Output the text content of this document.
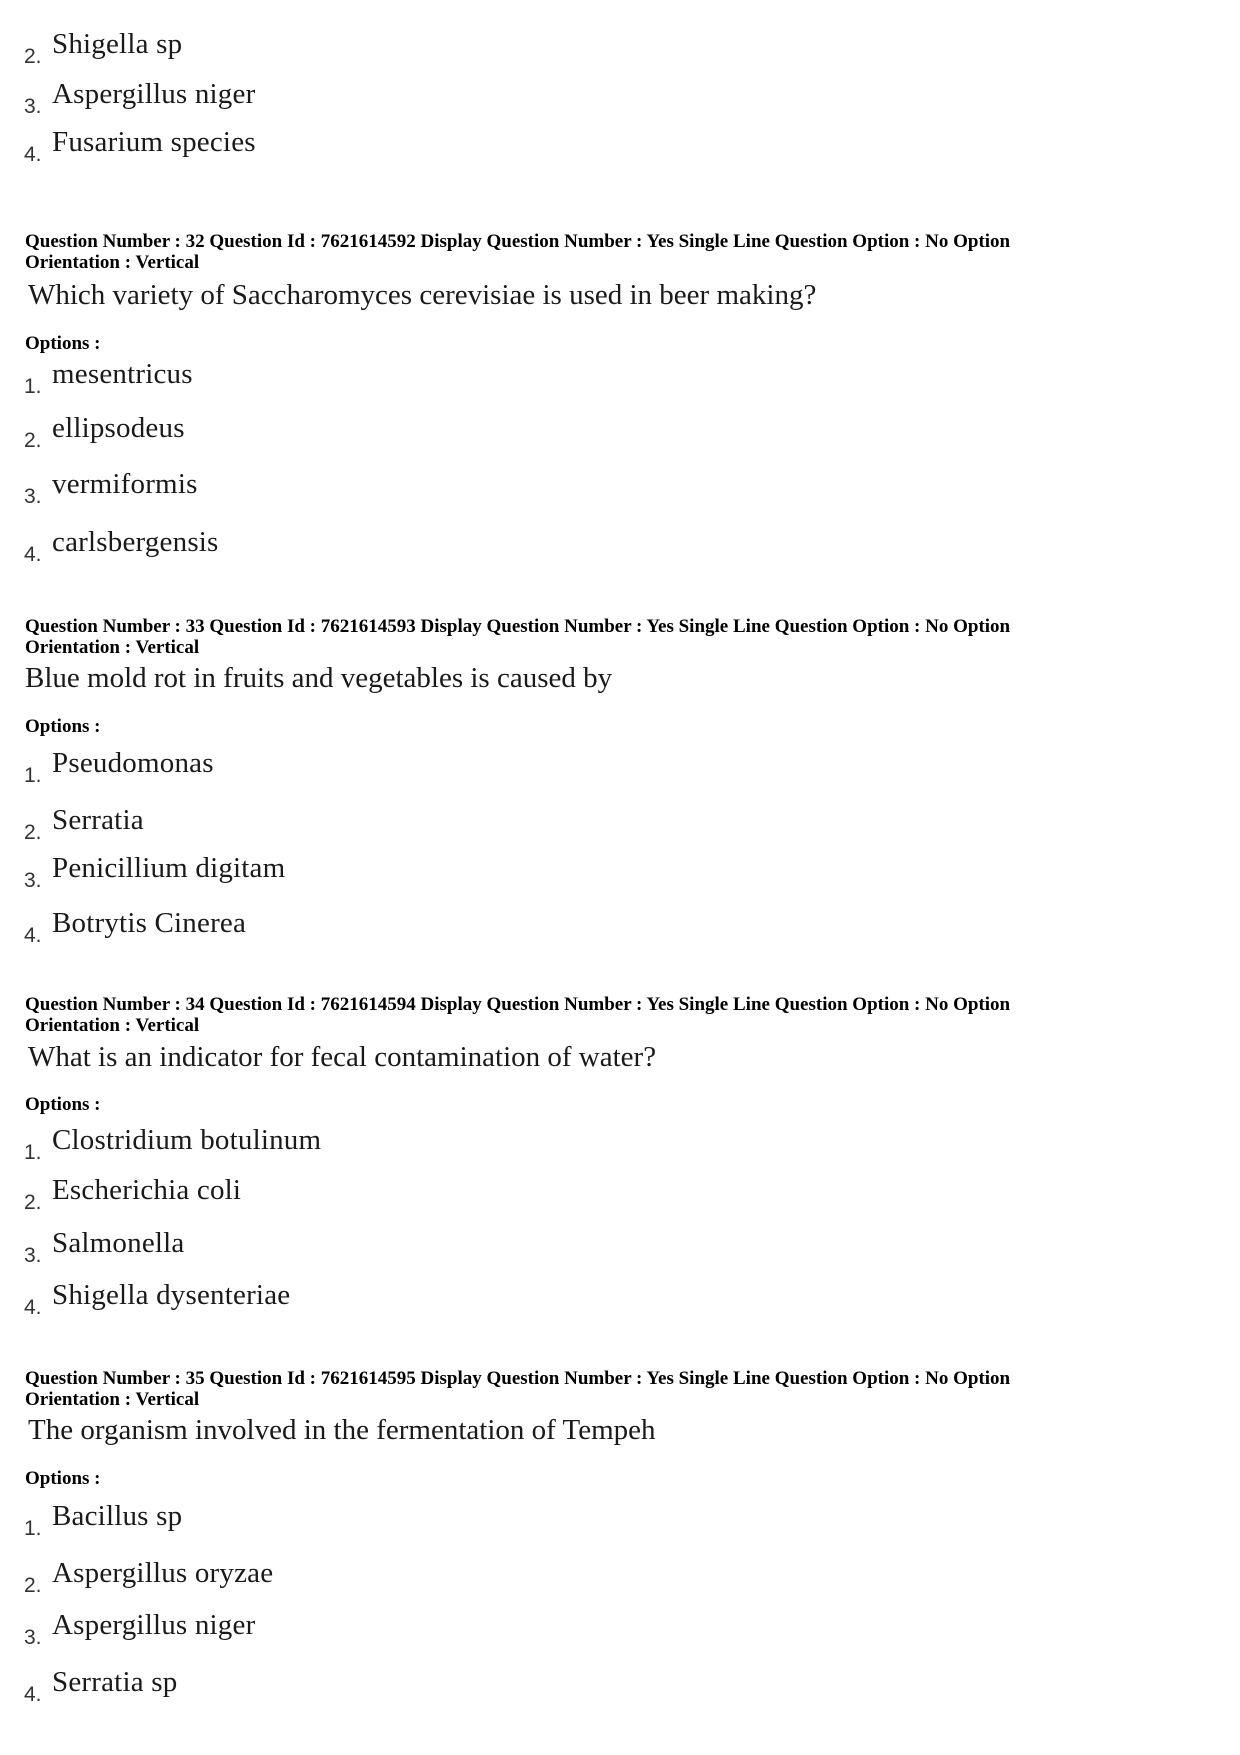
2. Shigella sp
3. Aspergillus niger
4. Fusarium species
Question Number : 32 Question Id : 7621614592 Display Question Number : Yes Single Line Question Option : No Option
Orientation : Vertical
Which variety of Saccharomyces cerevisiae is used in beer making?
Options :
1. mesentricus
2. ellipsodeus
3. vermiformis
4. carlsbergensis
Question Number : 33 Question Id : 7621614593 Display Question Number : Yes Single Line Question Option : No Option
Orientation : Vertical
Blue mold rot in fruits and vegetables is caused by
Options :
1. Pseudomonas
2. Serratia
3. Penicillium digitam
4. Botrytis Cinerea
Question Number : 34 Question Id : 7621614594 Display Question Number : Yes Single Line Question Option : No Option
Orientation : Vertical
What is an indicator for fecal contamination of water?
Options :
1. Clostridium botulinum
2. Escherichia coli
3. Salmonella
4. Shigella dysenteriae
Question Number : 35 Question Id : 7621614595 Display Question Number : Yes Single Line Question Option : No Option
Orientation : Vertical
The organism involved in the fermentation of Tempeh
Options :
1. Bacillus sp
2. Aspergillus oryzae
3. Aspergillus niger
4. Serratia sp
